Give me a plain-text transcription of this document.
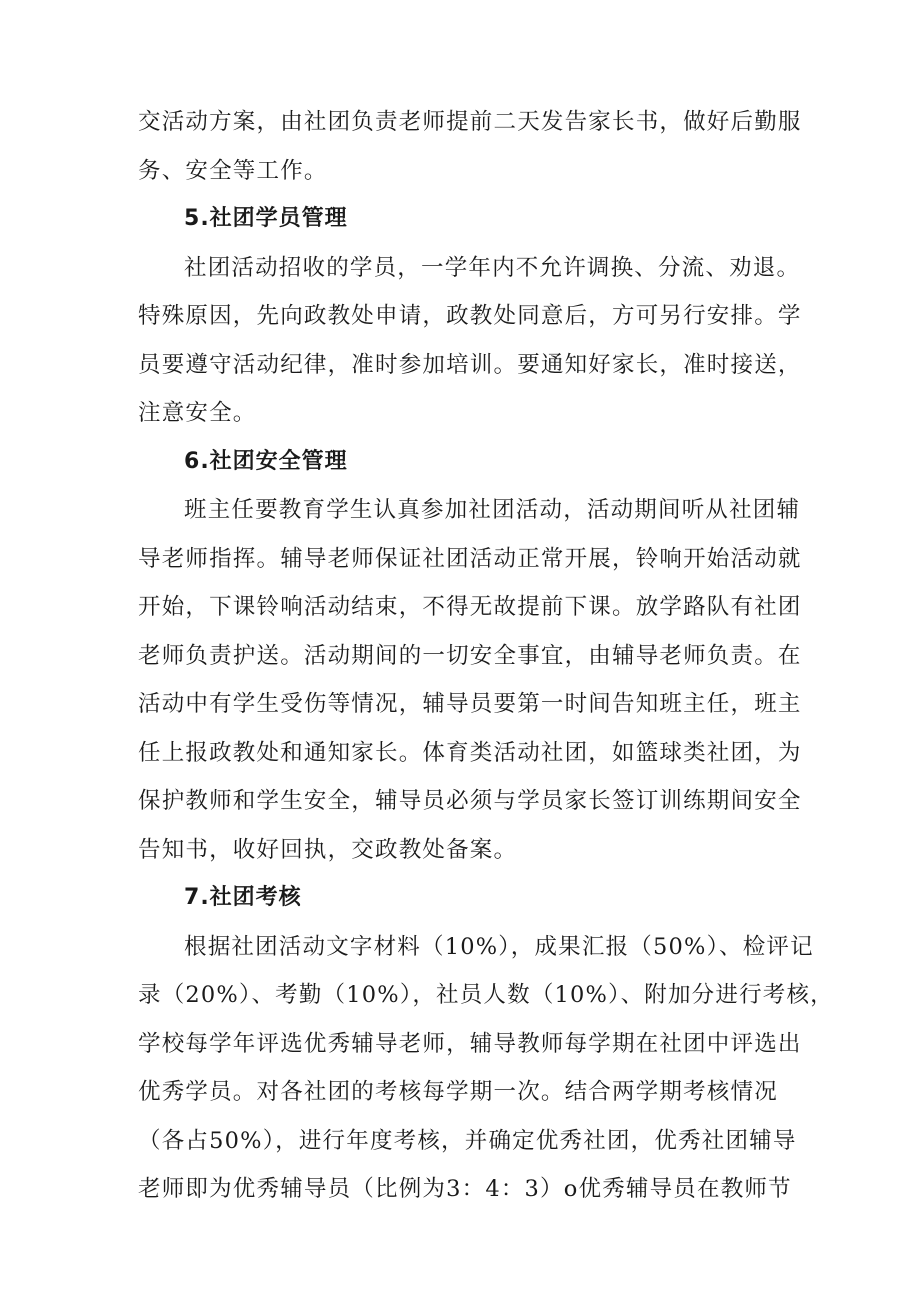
交活动方案，由社团负责老师提前二天发告家长书，做好后勤服
务、安全等工作。

5.社团学员管理

社团活动招收的学员，一学年内不允许调换、分流、劝退。
特殊原因，先向政教处申请，政教处同意后，方可另行安排。学
员要遵守活动纪律，准时参加培训。要通知好家长，准时接送，
注意安全。

6.社团安全管理

班主任要教育学生认真参加社团活动，活动期间听从社团辅
导老师指挥。辅导老师保证社团活动正常开展，铃响开始活动就
开始，下课铃响活动结束，不得无故提前下课。放学路队有社团
老师负责护送。活动期间的一切安全事宜，由辅导老师负责。在
活动中有学生受伤等情况，辅导员要第一时间告知班主任，班主
任上报政教处和通知家长。体育类活动社团，如篮球类社团，为
保护教师和学生安全，辅导员必须与学员家长签订训练期间安全
告知书，收好回执，交政教处备案。

7.社团考核

根据社团活动文字材料（10%），成果汇报（50%）、检评记
录（20%）、考勤（10%），社员人数（10%）、附加分进行考核，
学校每学年评选优秀辅导老师，辅导教师每学期在社团中评选出
优秀学员。对各社团的考核每学期一次。结合两学期考核情况
（各占50%），进行年度考核，并确定优秀社团，优秀社团辅导
老师即为优秀辅导员（比例为3：4：3）o优秀辅导员在教师节
